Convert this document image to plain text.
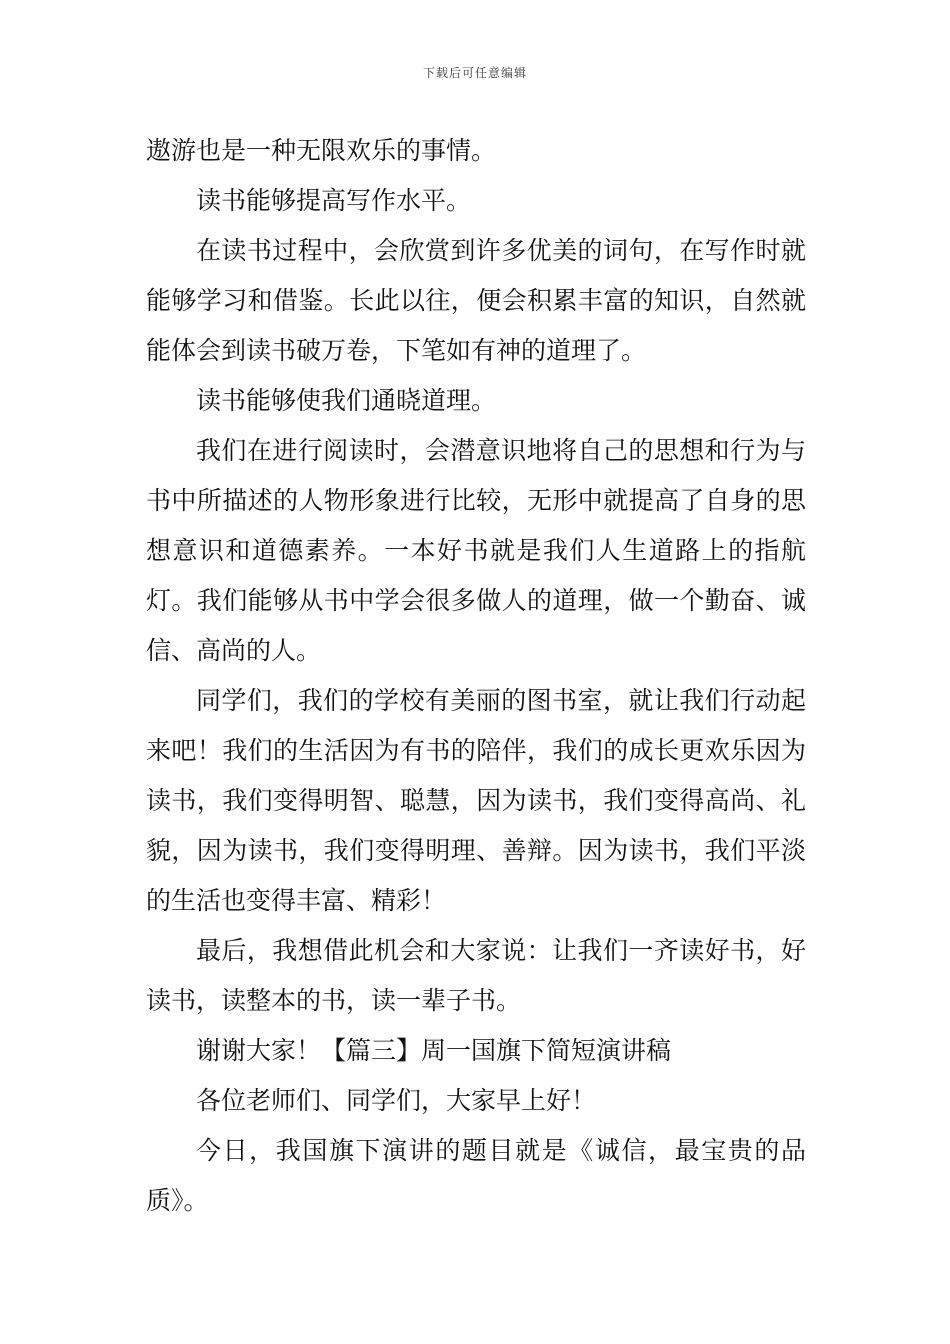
下载后可任意编辑

遨游也是一种无限欢乐的事情。

读书能够提高写作水平。

在读书过程中，会欣赏到许多优美的词句，在写作时就能够学习和借鉴。长此以往，便会积累丰富的知识，自然就能体会到读书破万卷，下笔如有神的道理了。

读书能够使我们通晓道理。

我们在进行阅读时，会潜意识地将自己的思想和行为与书中所描述的人物形象进行比较，无形中就提高了自身的思想意识和道德素养。一本好书就是我们人生道路上的指航灯。我们能够从书中学会很多做人的道理，做一个勤奋、诚信、高尚的人。

同学们，我们的学校有美丽的图书室，就让我们行动起来吧！我们的生活因为有书的陪伴，我们的成长更欢乐因为读书，我们变得明智、聪慧，因为读书，我们变得高尚、礼貌，因为读书，我们变得明理、善辩。因为读书，我们平淡的生活也变得丰富、精彩！

最后，我想借此机会和大家说：让我们一齐读好书，好读书，读整本的书，读一辈子书。

谢谢大家！【篇三】周一国旗下简短演讲稿

各位老师们、同学们，大家早上好！

今日，我国旗下演讲的题目就是《诚信，最宝贵的品质》。
